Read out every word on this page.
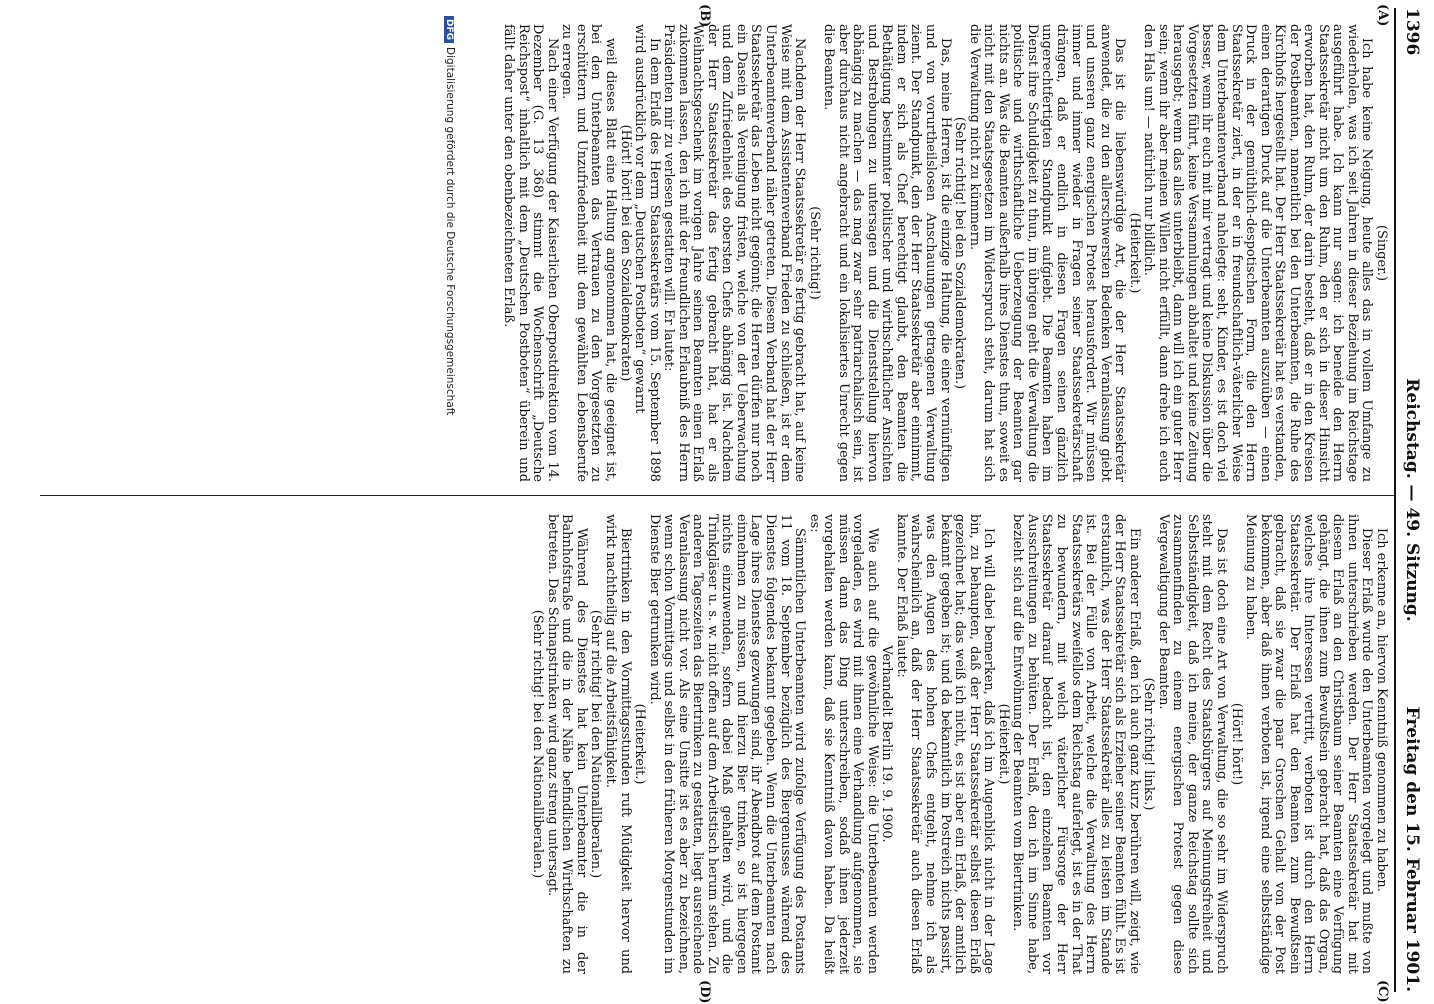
1396
Reichstag. — 49. Sitzung.
Freitag den 15. Februar 1901.
(A)
(B)
(C)
(D)

(Singer.)

Ich habe keine Neigung, heute alles das in vollem Umfange zu wiederholen, was ich seit Jahren in dieser Beziehung im Reichstage ausgeführt habe. Ich kann nur sagen: ich beneide den Herrn Staatssekretär nicht um den Ruhm, den er sich in dieser Hinsicht erworben hat, den Ruhm, der darin besteht, daß er in den Kreisen der Postbeamten, namentlich bei den Unterbeamten, die Ruhe des Kirchhofs hergestellt hat. Der Herr Staatssekretär hat es verstanden, einen derartigen Druck auf die Unterbeamten auszuüben — einen Druck in der gemüthlich-despotischen Form, die den Herrn Staatssekretär ziert, in der er in freundschaftlich-väterlicher Weise dem Unterbeamtenverband nahelegte: seht, Kinder, es ist doch viel besser, wenn ihr euch mit mir vertragt und keine Diskussion über die Vorgesetzten führt, keine Versammlungen abhaltet und keine Zeitung herausgebt; wenn das alles unterbleibt, dann will ich ein guter Herr sein; wenn ihr aber meinen Willen nicht erfüllt, dann drehe ich euch den Hals um! — natürlich nur bildlich.

(Heiterkeit.)

Das ist die liebenswürdige Art, die der Herr Staatssekretär anwendet, die zu den allerschwersten Bedenken Veranlassung giebt und unseren ganz energischen Protest herausfordert. Wir müssen immer und immer wieder in Fragen seiner Staatssekretärschaft drängen, daß er endlich in diesen Fragen seinen gänzlich ungerechtfertigten Standpunkt aufgiebt. Die Beamten haben im Dienst ihre Schuldigkeit zu thun, im übrigen geht die Verwaltung die politische und wirthschaftliche Ueberzeugung der Beamten gar nichts an. Was die Beamten außerhalb ihres Dienstes thun, soweit es nicht mit den Staatsgesetzen im Widerspruch steht, darum hat sich die Verwaltung nicht zu kümmern.

(Sehr richtig! bei den Sozialdemokraten.)

Das, meine Herren, ist die einzige Haltung, die einer vernünftigen und von vorurtheilslosen Anschauungen getragenen Verwaltung ziemt. Der Standpunkt, den der Herr Staatssekretär aber einnimmt, indem er sich als Chef berechtigt glaubt, den Beamten die Bethätigung bestimmter politischer und wirthschaftlicher Ansichten und Bestrebungen zu untersagen und die Dienststellung hiervon abhängig zu machen — das mag zwar sehr patriarchalisch sein, ist aber durchaus nicht angebracht und ein lokalisiertes Unrecht gegen die Beamten.

(Sehr richtig!)

Nachdem der Herr Staatssekretär es fertig gebracht hat, auf keine Weise mit dem Assistentenverband Frieden zu schließen, ist er dem Unterbeamtenverband näher getreten. Diesem Verband hat der Herr Staatssekretär das Leben nicht gegönnt; die Herren dürfen nur noch ein Dasein als Vereinigung fristen, welche von der Ueberwachung und dem Zufriedenheit des obersten Chefs abhängig ist. Nachdem der Herr Staatssekretär das fertig gebracht hat, hat er als Weihnachtsgeschenk im vorigen Jahre seinen Beamten einen Erlaß zukommen lassen, den ich mit der freundlichen Erlaubniß des Herrn Präsidenten mir zu verlesen gestatten will. Er lautet:

In dem Erlaß des Herrn Staatssekretärs vom 15. September 1898 wird ausdrücklich vor dem „Deutschen Postboten“ gewarnt

(Hört! hört! bei den Sozialdemokraten)

weil dieses Blatt eine Haltung angenommen hat, die geeignet ist, bei den Unterbeamten das Vertrauen zu den Vorgesetzten zu erschüttern und Unzufriedenheit mit dem gewählten Lebensberufe zu erregen.

Nach einer Verfügung der Kaiserlichen Oberpostdirektion vom 14. Dezember (G. 13 368) stimmt die Wochenschrift „Deutsche Reichspost“ inhaltlich mit dem „Deutschen Postboten“ überein und fällt daher unter den obenbezeichneten Erlaß.

Ich erkenne an, hiervon Kenntniß genommen zu haben.

Dieser Erlaß wurde den Unterbeamten vorgelegt und mußte von ihnen unterschrieben werden. Der Herr Staatssekretär hat mit diesem Erlaß an den Christbaum seiner Beamten eine Verfügung gehängt, die ihnen zum Bewußtsein gebracht hat, daß das Organ, welches ihre Interessen vertritt, verboten ist durch den Herrn Staatssekretär. Der Erlaß hat den Beamten zum Bewußtsein gebracht, daß sie zwar die paar Groschen Gehalt von der Post bekommen, aber daß ihnen verboten ist, irgend eine selbstständige Meinung zu haben.

(Hört! hört!)

Das ist doch eine Art von Verwaltung, die so sehr im Widerspruch steht mit dem Recht des Staatsbürgers auf Meinungsfreiheit und Selbstständigkeit, daß ich meine, der ganze Reichstag sollte sich zusammenfinden zu einem energischen Protest gegen diese Vergewaltigung der Beamten.

(Sehr richtig! links.)

Ein anderer Erlaß, den ich auch ganz kurz berühren will, zeigt, wie der Herr Staatssekretär sich als Erzieher seiner Beamten fühlt. Es ist erstaunlich, was der Herr Staatssekretär alles zu leisten im Stande ist. Bei der Fülle von Arbeit, welche die Verwaltung des Herrn Staatssekretärs zweifellos dem Reichstag auferlegt, ist es in der That zu bewundern, mit welch väterlicher Fürsorge der Herr Staatssekretär darauf bedacht ist, den einzelnen Beamten vor Ausschreitungen zu behüten. Der Erlaß, den ich im Sinne habe, bezieht sich auf die Entwöhnung der Beamten vom Biertrinken.

(Heiterkeit.)

Ich will dabei bemerken, daß ich im Augenblick nicht in der Lage bin, zu behaupten, daß der Herr Staatssekretär selbst diesen Erlaß gezeichnet hat; das weiß ich nicht, es ist aber ein Erlaß, der amtlich bekannt gegeben ist; und da bekanntlich im Postreich nichts passirt, was den Augen des hohen Chefs entgeht, nehme ich als wahrscheinlich an, daß der Herr Staatssekretär auch diesen Erlaß kannte. Der Erlaß lautet:

Verhandelt Berlin 19. 9. 1900.

Wie auch auf die gewöhnliche Weise: die Unterbeamten werden vorgeladen, es wird mit ihnen eine Verhandlung aufgenommen, sie müssen dann das Ding unterschreiben, sodaß ihnen jederzeit vorgehalten werden kann, daß sie Kenntniß davon haben. Da heißt es:

Sämmtlichen Unterbeamten wird zufolge Verfügung des Postamts 11 vom 18. September bezüglich des Biergenusses während des Dienstes folgendes bekannt gegeben. Wenn die Unterbeamten nach Lage ihres Dienstes gezwungen sind, ihr Abendbrot auf dem Postamt einnehmen zu müssen, und hierzu Bier trinken, so ist hiergegen nichts einzuwenden, sofern dabei Maß gehalten wird, und die Trinkgläser u. s. w. nicht offen auf dem Arbeitstisch herum stehen. Zu anderen Tageszeiten das Biertrinken zu gestatten, liegt ausreichende Veranlassung nicht vor. Als eine Unsitte ist es aber zu bezeichnen, wenn schon Vormittags und selbst in den früheren Morgenstunden im Dienste Bier getrunken wird.

(Heiterkeit.)

Biertrinken in den Vormittagsstunden ruft Müdigkeit hervor und wirkt nachtheilig auf die Arbeitsfähigkeit.

(Sehr richtig! bei den Nationalliberalen.)

Während des Dienstes hat kein Unterbeamter die in der Bahnhofstraße und die in der Nähe befindlichen Wirthschaften zu betreten. Das Schnapstrinken wird ganz streng untersagt.

(Sehr richtig! bei den Nationalliberalen.)

DFGDigitalisierung gefördert durch die Deutsche Forschungsgemeinschaft
